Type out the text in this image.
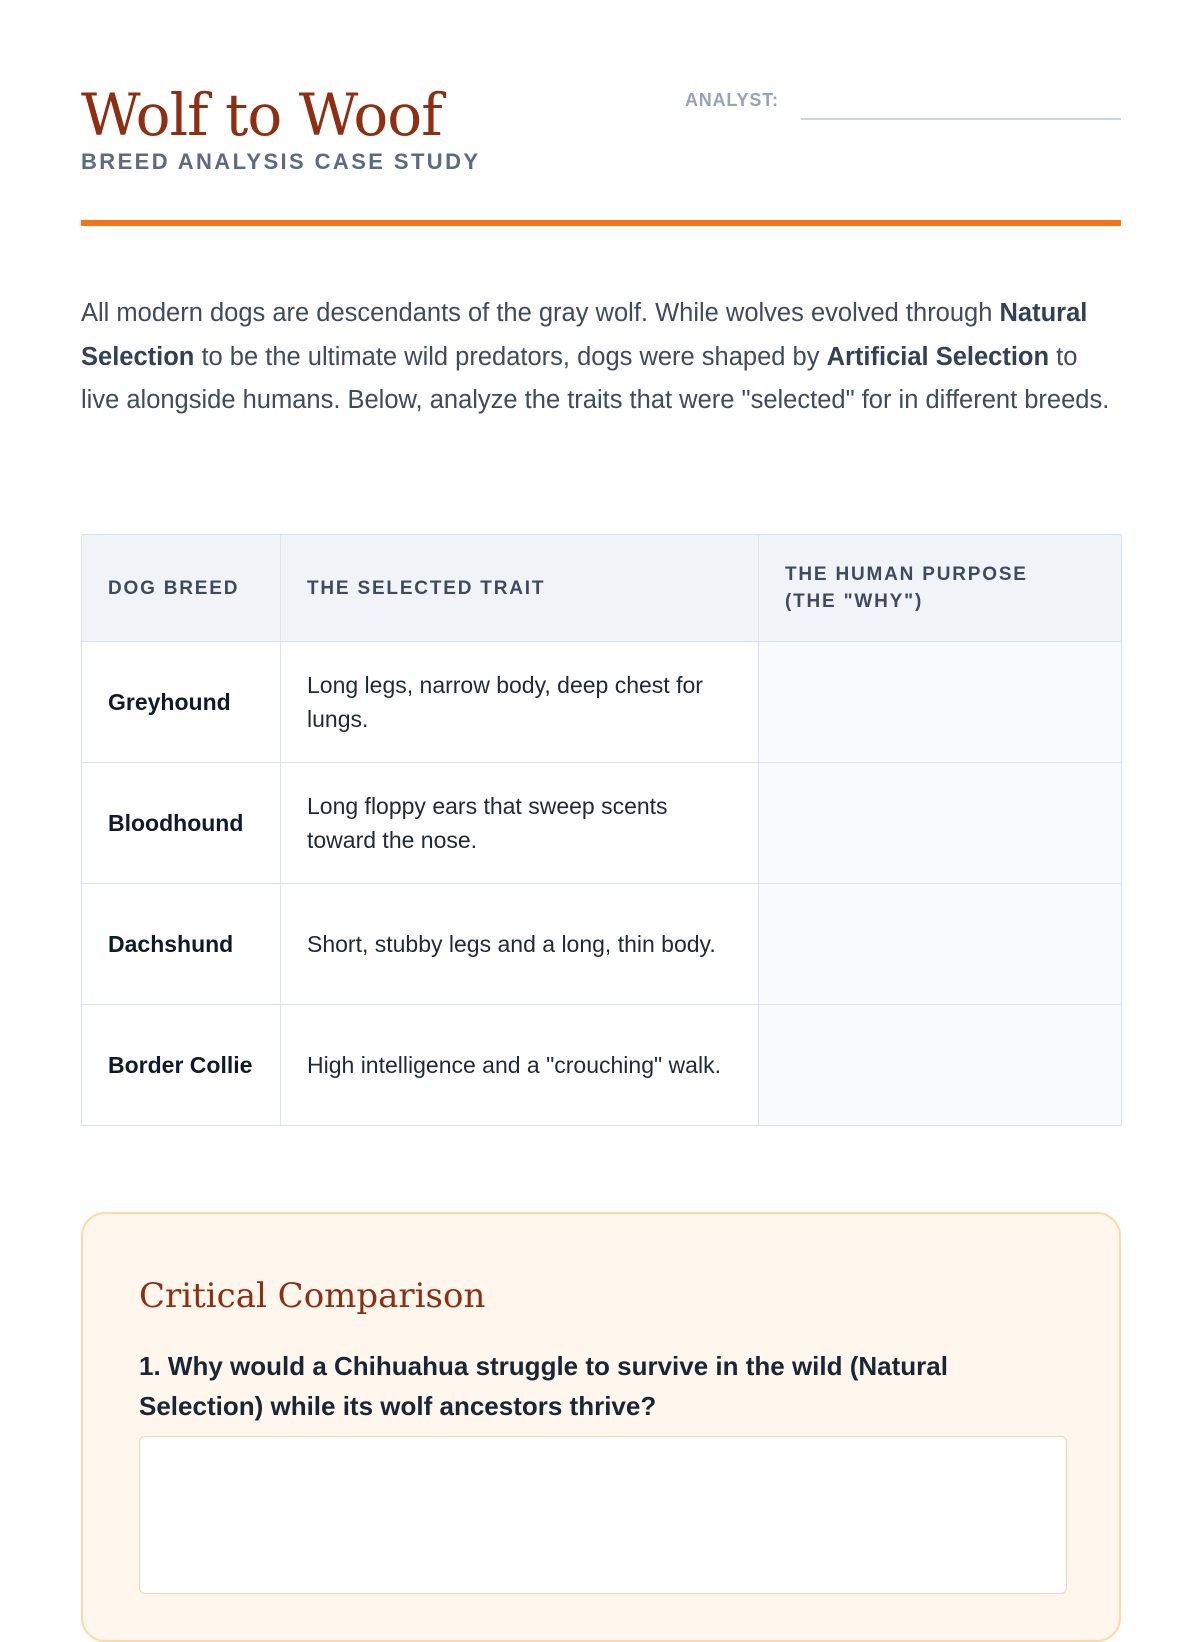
Wolf to Woof
BREED ANALYSIS CASE STUDY
ANALYST:

All modern dogs are descendants of the gray wolf. While wolves evolved through Natural Selection to be the ultimate wild predators, dogs were shaped by Artificial Selection to live alongside humans. Below, analyze the traits that were "selected" for in different breeds.

DOG BREED	THE SELECTED TRAIT	THE HUMAN PURPOSE
(THE "WHY")
Greyhound	Long legs, narrow body, deep chest for lungs.	
Bloodhound	Long floppy ears that sweep scents toward the nose.	
Dachshund	Short, stubby legs and a long, thin body.	
Border Collie	High intelligence and a "crouching" walk.	
Critical Comparison

1. Why would a Chihuahua struggle to survive in the wild (Natural Selection) while its wolf ancestors thrive?
